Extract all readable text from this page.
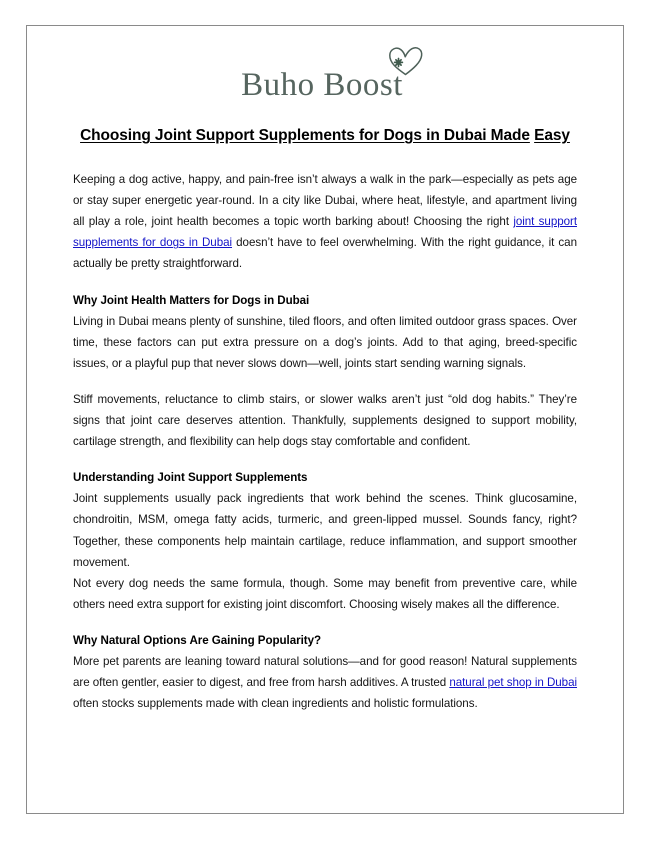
Buho Boost
Choosing Joint Support Supplements for Dogs in Dubai Made Easy

Keeping a dog active, happy, and pain-free isn’t always a walk in the park—especially as pets age or stay super energetic year-round. In a city like Dubai, where heat, lifestyle, and apartment living all play a role, joint health becomes a topic worth barking about! Choosing the right joint support supplements for dogs in Dubai doesn’t have to feel overwhelming. With the right guidance, it can actually be pretty straightforward.

Why Joint Health Matters for Dogs in Dubai

Living in Dubai means plenty of sunshine, tiled floors, and often limited outdoor grass spaces. Over time, these factors can put extra pressure on a dog’s joints. Add to that aging, breed-specific issues, or a playful pup that never slows down—well, joints start sending warning signals.

Stiff movements, reluctance to climb stairs, or slower walks aren’t just “old dog habits.” They’re signs that joint care deserves attention. Thankfully, supplements designed to support mobility, cartilage strength, and flexibility can help dogs stay comfortable and confident.

Understanding Joint Support Supplements

Joint supplements usually pack ingredients that work behind the scenes. Think glucosamine, chondroitin, MSM, omega fatty acids, turmeric, and green-lipped mussel. Sounds fancy, right? Together, these components help maintain cartilage, reduce inflammation, and support smoother movement.

Not every dog needs the same formula, though. Some may benefit from preventive care, while others need extra support for existing joint discomfort. Choosing wisely makes all the difference.

Why Natural Options Are Gaining Popularity?

More pet parents are leaning toward natural solutions—and for good reason! Natural supplements are often gentler, easier to digest, and free from harsh additives. A trusted natural pet shop in Dubai often stocks supplements made with clean ingredients and holistic formulations.
